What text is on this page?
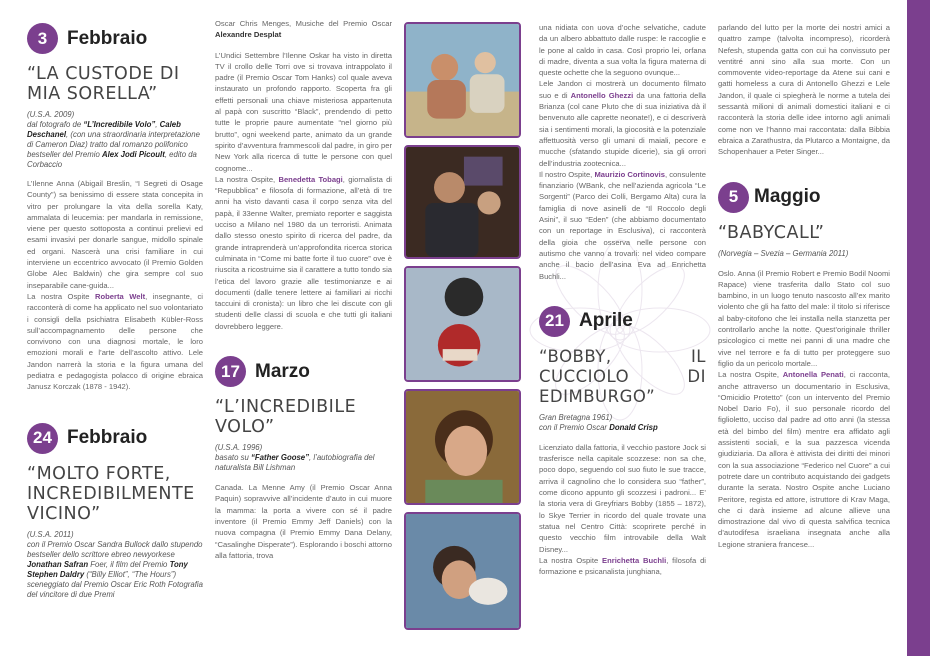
3	Febbraio
“LA CUSTODE DI MIA SORELLA”
(U.S.A. 2009)
dal fotografo de “L’Incredibile Volo”, Caleb Deschanel, (con una straordinaria interpretazione di Cameron Diaz) tratto dal romanzo polifonico bestseller del Premio Alex Jodi Picoult, edito da Corbaccio
L’Ilenne Anna (Abigail Breslin, “I Segreti di Osage County”) sa benissimo di essere stata concepita in vitro per prolungare la vita della sorella Katy, ammalata di leucemia: per mandarla in remissione, viene per questo sottoposta a continui prelievi ed esami invasivi per donarle sangue, midollo spinale ed organi. Nascerà una crisi familiare in cui interviene un eccentrico avvocato (il Premio Golden Globe Alec Baldwin) che gira sempre col suo inseparabile cane-guida...
La nostra Ospite Roberta Welt, insegnante, ci racconterà di come ha applicato nel suo volontariato i consigli della psichiatra Elisabeth Kübler-Ross sull’accompagnamento delle persone che convivono con una diagnosi mortale, le loro emozioni morali e l’arte dell’ascolto attivo. Lele Jandon narrerà la storia e la figura umana del pediatra e pedagogista polacco di origine ebraica Janusz Korczak (1878 - 1942).
24 Febbraio
“MOLTO FORTE, INCREDIBILMENTE VICINO”
(U.S.A. 2011)
con il Premio Oscar Sandra Bullock dallo stupendo bestseller dello scrittore ebreo newyorkese Jonathan Safran Foer, il film del Premio Tony Stephen Daldry (“Billy Elliot”, “The Hours”) sceneggiato dal Premio Oscar Eric Roth Fotografia del vincitore di due Premi
Oscar Chris Menges, Musiche del Premio Oscar Alexandre Desplat
L’Undici Settembre l’Ilenne Oskar ha visto in diretta TV il crollo delle Torri ove si trovava intrappolato il padre (il Premio Oscar Tom Hanks) col quale aveva instaurato un profondo rapporto. Scoperta fra gli effetti personali una chiave misteriosa appartenuta al papà con suscritto “Black”, prendendo di petto tutte le proprie paure aumentate “nel giorno più brutto”, ogni weekend parte, animato da un grande spirito d’avventura frammescoli dal padre, in giro per New York alla ricerca di tutte le persone con quel cognome...
La nostra Ospite, Benedetta Tobagi, giornalista di “Repubblica” e filosofa di formazione, all’età di tre anni ha visto davanti casa il corpo senza vita del papà, il 33enne Walter, premiato reporter e saggista ucciso a Milano nel 1980 da un terroristi. Animata dallo stesso onesto spirito di ricerca del padre, da grande intraprenderà un’approfondita ricerca storica culminata in “Come mi batte forte il tuo cuore” ove è riuscita a ricostruirne sia il carattere a tutto tondo sia l’etica del lavoro grazie alle testimonianze e ai documenti (dalle tenere lettere ai familiari ai ricchi taccuini di cronista): un libro che lei discute con gli studenti delle classi di scuola e che tutti gli italiani dovrebbero leggere.
17 Marzo
“L’INCREDIBILE VOLO”
(U.S.A. 1996)
basato su “Father Goose”, l’autobiografia del naturalista Bill Lishman
Canada. La Menne Amy (il Premio Oscar Anna Paquin) sopravvive all’incidente d’auto in cui muore la mamma: la porta a vivere con sé il padre inventore (il Premio Emmy Jeff Daniels) con la nuova compagna (il Premio Emmy Dana Delany, “Casalinghe Disperate”). Esplorando i boschi attorno alla fattoria, trova
una nidiata con uova d’oche selvatiche, cadute da un albero abbattuto dalle ruspe: le raccoglie e le pone al caldo in casa. Così proprio lei, orfana di madre, diventa a sua volta la figura materna di queste ochette che la seguono ovunque...
Lele Jandon ci mostrerà un documento filmato suo e di Antonello Ghezzi da una fattoria della Brianza (col cane Pluto che di sua iniziativa dà il benvenuto alle caprette neonate!), e ci descriverà sia i sentimenti morali, la giocosità e la potenziale affettuosità verso gli umani di maiali, pecore e mucche (sfatando stupide dicerie), sia gli orrori dell’industria zootecnica...
Il nostro Ospite, Maurizio Cortinovis, consulente finanziario (WBank, che nell’azienda agricola “Le Sorgenti” (Parco dei Colli, Bergamo Alta) cura la famiglia di nove asinelli de “Il Roccolo degli Asini”, il suo “Eden” (che abbiamo documentato con un reportage in Esclusiva), ci racconterà della gioia che osserva nelle persone con autismo che vanno a trovarli: nel video compare anche il bacio dell’asina Eva ad Enrichetta Buchli...
21 Aprile
“BOBBY, IL CUCCIOLO DI EDIMBURGO”
Gran Bretagna 1961)
con il Premio Oscar Donald Crisp
Licenziato dalla fattoria, il vecchio pastore Jock si trasferisce nella capitale scozzese: non sa che, poco dopo, seguendo col suo fiuto le sue tracce, arriva il cagnolino che lo considera suo “father”, come dicono appunto gli scozzesi i padroni... E’ la storia vera di Greyfriars Bobby (1855 – 1872), lo Skye Terrier in ricordo del quale trovate una statua nel Centro Città: scoprirete perché in questo vecchio film introvabile della Walt Disney...
La nostra Ospite Enrichetta Buchli, filosofa di formazione e psicanalista junghiana,
parlando del lutto per la morte dei nostri amici a quattro zampe (talvolta incompreso), ricorderà Nefesh, stupenda gatta con cui ha convissuto per ventitré anni sino alla sua morte. Con un commovente video-reportage da Atene sui cani e gatti homeless a cura di Antonello Ghezzi e Lele Jandon, il quale ci spiegherà le norme a tutela dei sessantà milioni di animali domestici italiani e ci racconterà la storia delle idee intorno agli animali come non ve l’hanno mai raccontata: dalla Bibbia ebraica a Zarathustra, da Plutarco a Montaigne, da Schopenhauer a Peter Singer...
5 Maggio
“BABYCALL”
(Norvegia – Svezia – Germania 2011)
Oslo. Anna (il Premio Robert e Premio Bodil Noomi Rapace) viene trasferita dallo Stato col suo bambino, in un luogo tenuto nascosto all’ex marito violento che gli ha fatto del male: il titolo si riferisce al baby-citofono che lei installa nella stanzetta per controllarlo anche la notte. Quest’originale thriller psicologico ci mette nei panni di una madre che vive nel terrore e fa di tutto per proteggere suo figlio da un pericolo mortale...
La nostra Ospite, Antonella Penati, ci racconta, anche attraverso un documentario in Esclusiva, “Omicidio Protetto” (con un intervento del Premio Nobel Dario Fo), il suo personale ricordo del figlioletto, ucciso dal padre ad otto anni (la stessa età del bimbo del film) mentre era affidato agli assistenti sociali, e la sua pazzesca vicenda giudiziaria. Da allora è attivista dei diritti dei minori con la sua associazione “Federico nel Cuore” a cui potrete dare un contributo acquistando dei gadgets durante la serata. Nostro Ospite anche Luciano Peritore, regista ed attore, istruttore di Krav Maga, che ci darà insieme ad alcune allieve una dimostrazione dal vivo di questa salvifica tecnica d’autodifesa israeliana insegnata anche alla Legione straniera francese...
